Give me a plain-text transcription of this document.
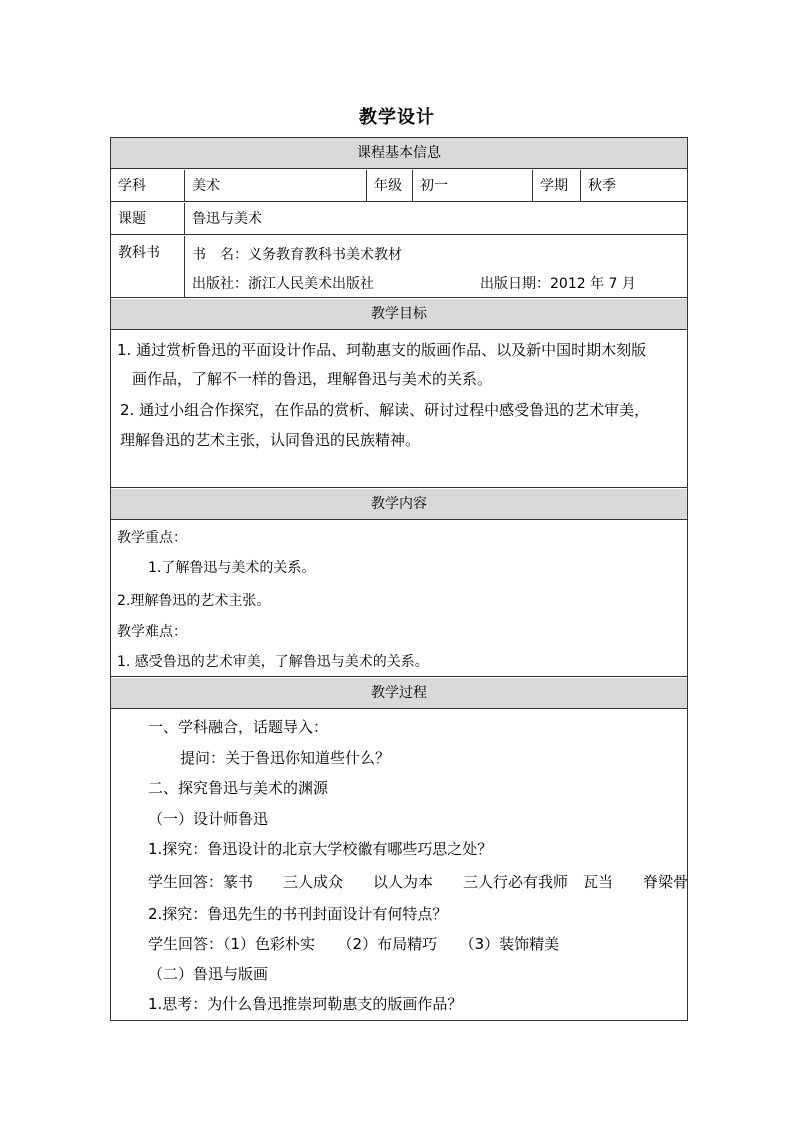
教学设计
课程基本信息
学科	美术	年级	初一	学期	秋季
课题	鲁迅与美术
教科书	书　名：义务教育教科书美术教材
出版社：浙江人民美术出版社	出版日期：2012 年 7 月
教学目标
1. 通过赏析鲁迅的平面设计作品、珂勒惠支的版画作品、以及新中国时期木刻版
画作品，了解不一样的鲁迅，理解鲁迅与美术的关系。
2. 通过小组合作探究，在作品的赏析、解读、研讨过程中感受鲁迅的艺术审美，
理解鲁迅的艺术主张，认同鲁迅的民族精神。
教学内容
教学重点：
1.了解鲁迅与美术的关系。
2.理解鲁迅的艺术主张。
教学难点：
1. 感受鲁迅的艺术审美，了解鲁迅与美术的关系。
教学过程
一、学科融合，话题导入：
提问：关于鲁迅你知道些什么？
二、探究鲁迅与美术的渊源
（一）设计师鲁迅
1.探究：鲁迅设计的北京大学校徽有哪些巧思之处？
学生回答：篆书　　三人成众　　以人为本　　三人行必有我师　瓦当　　脊梁骨
2.探究：鲁迅先生的书刊封面设计有何特点？
学生回答：（1）色彩朴实　　（2）布局精巧　　（3）装饰精美
（二）鲁迅与版画
1.思考：为什么鲁迅推崇珂勒惠支的版画作品？
